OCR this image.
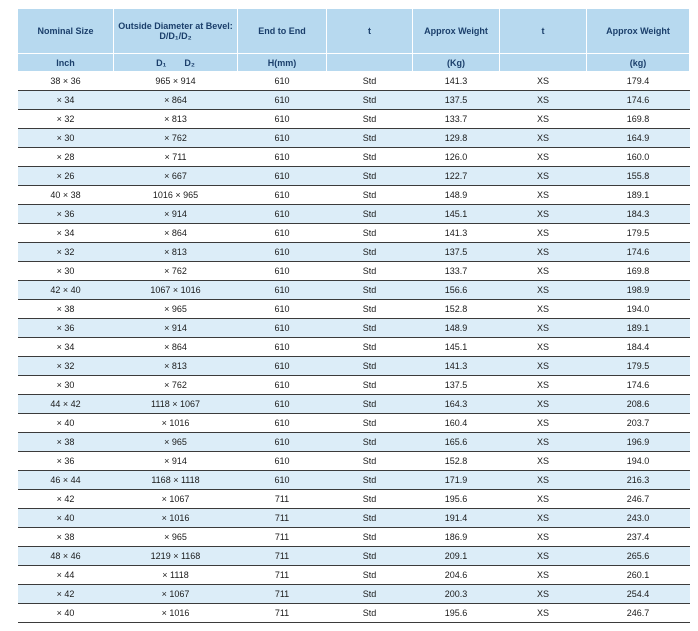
Nominal Size	Outside Diameter at Bevel: D/D₁/D₂	End to End	t	Approx Weight	t	Approx Weight
Inch	D₁ D₂	H(mm)		(Kg)		(kg)
38 × 36	965 × 914	610	Std	141.3	XS	179.4
× 34	× 864	610	Std	137.5	XS	174.6
× 32	× 813	610	Std	133.7	XS	169.8
× 30	× 762	610	Std	129.8	XS	164.9
× 28	× 711	610	Std	126.0	XS	160.0
× 26	× 667	610	Std	122.7	XS	155.8
40 × 38	1016 × 965	610	Std	148.9	XS	189.1
× 36	× 914	610	Std	145.1	XS	184.3
× 34	× 864	610	Std	141.3	XS	179.5
× 32	× 813	610	Std	137.5	XS	174.6
× 30	× 762	610	Std	133.7	XS	169.8
42 × 40	1067 × 1016	610	Std	156.6	XS	198.9
× 38	× 965	610	Std	152.8	XS	194.0
× 36	× 914	610	Std	148.9	XS	189.1
× 34	× 864	610	Std	145.1	XS	184.4
× 32	× 813	610	Std	141.3	XS	179.5
× 30	× 762	610	Std	137.5	XS	174.6
44 × 42	1118 × 1067	610	Std	164.3	XS	208.6
× 40	× 1016	610	Std	160.4	XS	203.7
× 38	× 965	610	Std	165.6	XS	196.9
× 36	× 914	610	Std	152.8	XS	194.0
46 × 44	1168 × 1118	610	Std	171.9	XS	216.3
× 42	× 1067	711	Std	195.6	XS	246.7
× 40	× 1016	711	Std	191.4	XS	243.0
× 38	× 965	711	Std	186.9	XS	237.4
48 × 46	1219 × 1168	711	Std	209.1	XS	265.6
× 44	× 1118	711	Std	204.6	XS	260.1
× 42	× 1067	711	Std	200.3	XS	254.4
× 40	× 1016	711	Std	195.6	XS	246.7
